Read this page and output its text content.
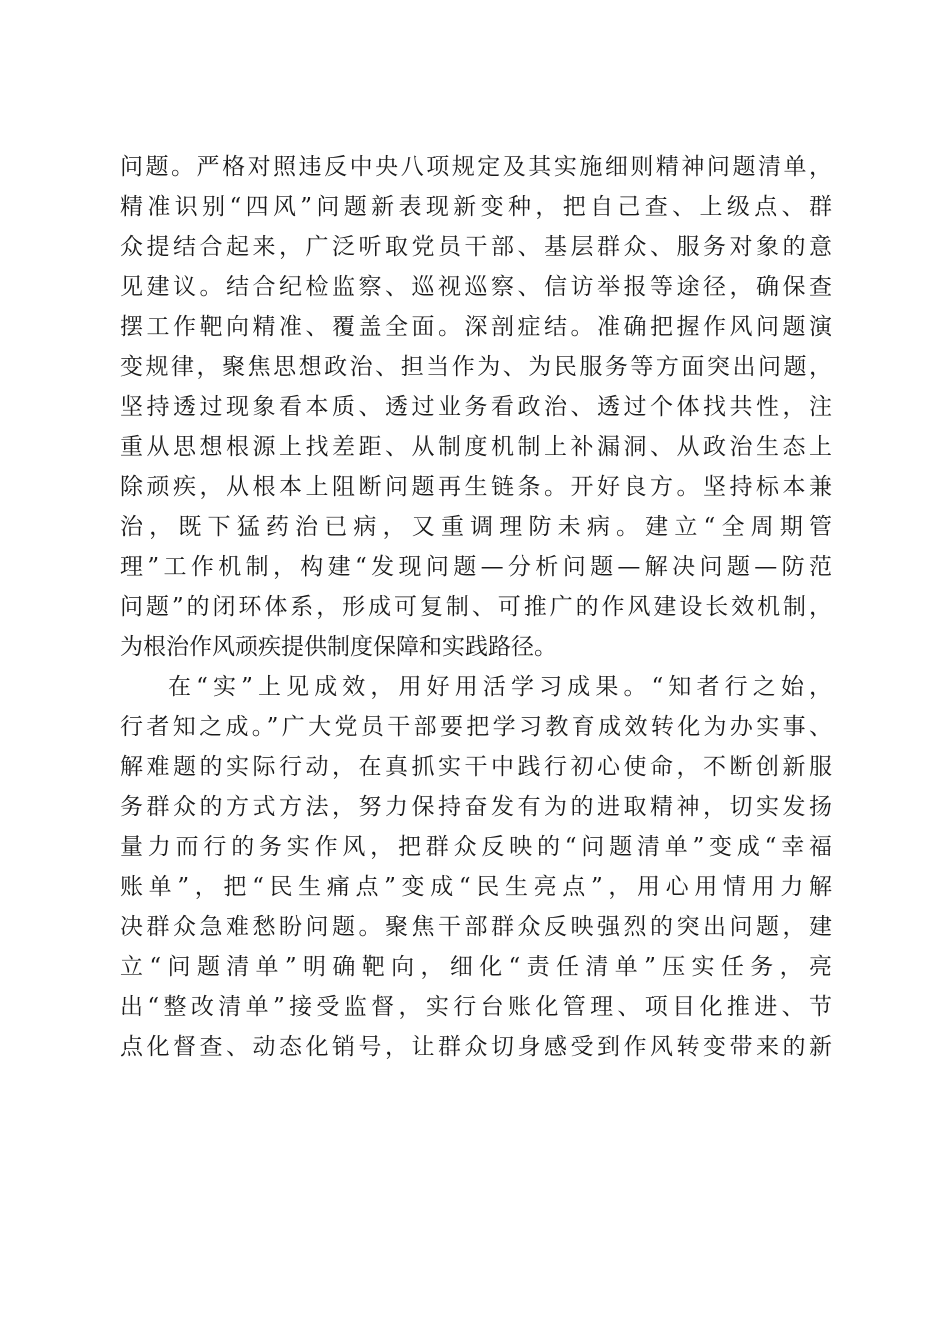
问题。严格对照违反中央八项规定及其实施细则精神问题清单，
精准识别“四风”问题新表现新变种，把自己查、上级点、群
众提结合起来，广泛听取党员干部、基层群众、服务对象的意
见建议。结合纪检监察、巡视巡察、信访举报等途径，确保查
摆工作靶向精准、覆盖全面。深剖症结。准确把握作风问题演
变规律，聚焦思想政治、担当作为、为民服务等方面突出问题，
坚持透过现象看本质、透过业务看政治、透过个体找共性，注
重从思想根源上找差距、从制度机制上补漏洞、从政治生态上
除顽疾，从根本上阻断问题再生链条。开好良方。坚持标本兼
治，既下猛药治已病，又重调理防未病。建立“全周期管
理”工作机制，构建“发现问题—分析问题—解决问题—防范
问题”的闭环体系，形成可复制、可推广的作风建设长效机制，
为根治作风顽疾提供制度保障和实践路径。
在“实”上见成效，用好用活学习成果。“知者行之始，
行者知之成。”广大党员干部要把学习教育成效转化为办实事、
解难题的实际行动，在真抓实干中践行初心使命，不断创新服
务群众的方式方法，努力保持奋发有为的进取精神，切实发扬
量力而行的务实作风，把群众反映的“问题清单”变成“幸福
账单”，把“民生痛点”变成“民生亮点”，用心用情用力解
决群众急难愁盼问题。聚焦干部群众反映强烈的突出问题，建
立“问题清单”明确靶向，细化“责任清单”压实任务，亮
出“整改清单”接受监督，实行台账化管理、项目化推进、节
点化督查、动态化销号，让群众切身感受到作风转变带来的新
